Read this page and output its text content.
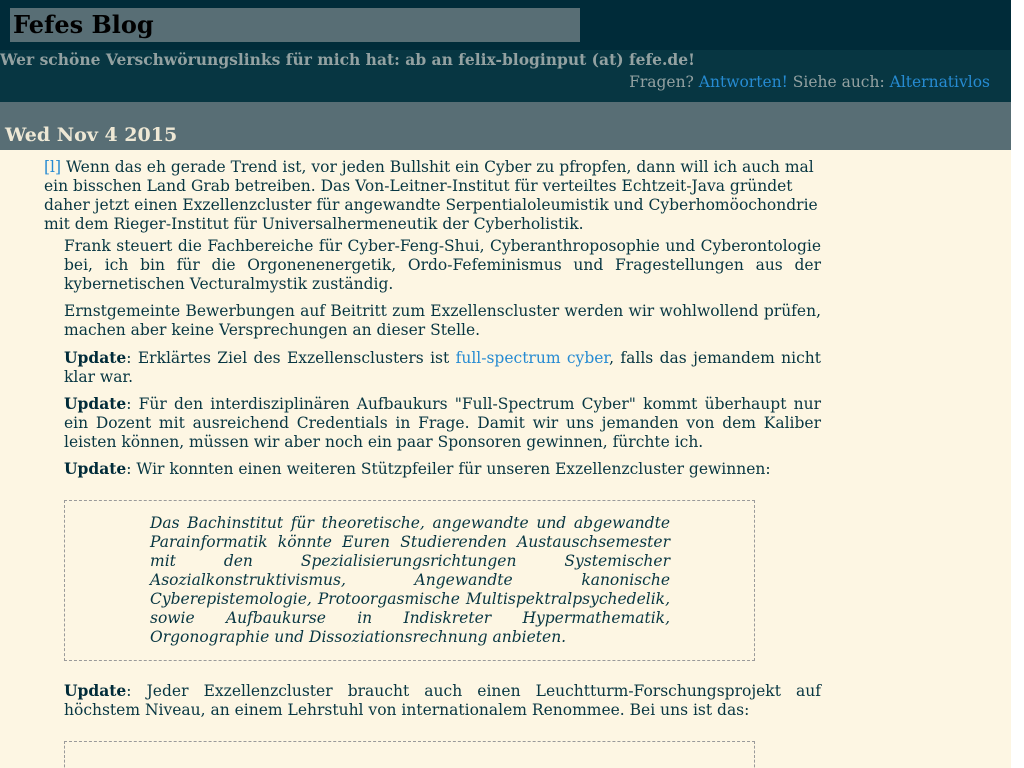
Fefes Blog
Wer schöne Verschwörungslinks für mich hat: ab an felix-bloginput (at) fefe.de!
Fragen? Antworten! Siehe auch: Alternativlos
Wed Nov 4 2015

[l] Wenn das eh gerade Trend ist, vor jeden Bullshit ein Cyber zu pfropfen, dann will ich auch mal ein bisschen Land Grab betreiben. Das Von-Leitner-Institut für verteiltes Echtzeit-Java gründet daher jetzt einen Exzellenzcluster für angewandte Serpentialoleumistik und Cyberhomöochondrie mit dem Rieger-Institut für Universalhermeneutik der Cyberholistik.

Frank steuert die Fachbereiche für Cyber-Feng-Shui, Cyberanthroposophie und Cyberontologie bei, ich bin für die Orgonenenergetik, Ordo-Fefeminismus und Fragestellungen aus der kybernetischen Vecturalmystik zuständig.

Ernstgemeinte Bewerbungen auf Beitritt zum Exzellenscluster werden wir wohlwollend prüfen, machen aber keine Versprechungen an dieser Stelle.

Update: Erklärtes Ziel des Exzellensclusters ist full-spectrum cyber, falls das jemandem nicht klar war.

Update: Für den interdisziplinären Aufbaukurs "Full-Spectrum Cyber" kommt überhaupt nur ein Dozent mit ausreichend Credentials in Frage. Damit wir uns jemanden von dem Kaliber leisten können, müssen wir aber noch ein paar Sponsoren gewinnen, fürchte ich.

Update: Wir konnten einen weiteren Stützpfeiler für unseren Exzellenzcluster gewinnen:

Das Bachinstitut für theoretische, angewandte und abgewandte Parainformatik könnte Euren Studierenden Austauschsemester mit den Spezialisierungsrichtungen Systemischer Asozialkonstruktivismus, Angewandte kanonische Cyberepistemologie, Protoorgasmische Multispektralpsychedelik, sowie Aufbaukurse in Indiskreter Hypermathematik, Orgonographie und Dissoziationsrechnung anbieten.

Update: Jeder Exzellenzcluster braucht auch einen Leuchtturm-Forschungsprojekt auf höchstem Niveau, an einem Lehrstuhl von internationalem Renommee. Bei uns ist das:
